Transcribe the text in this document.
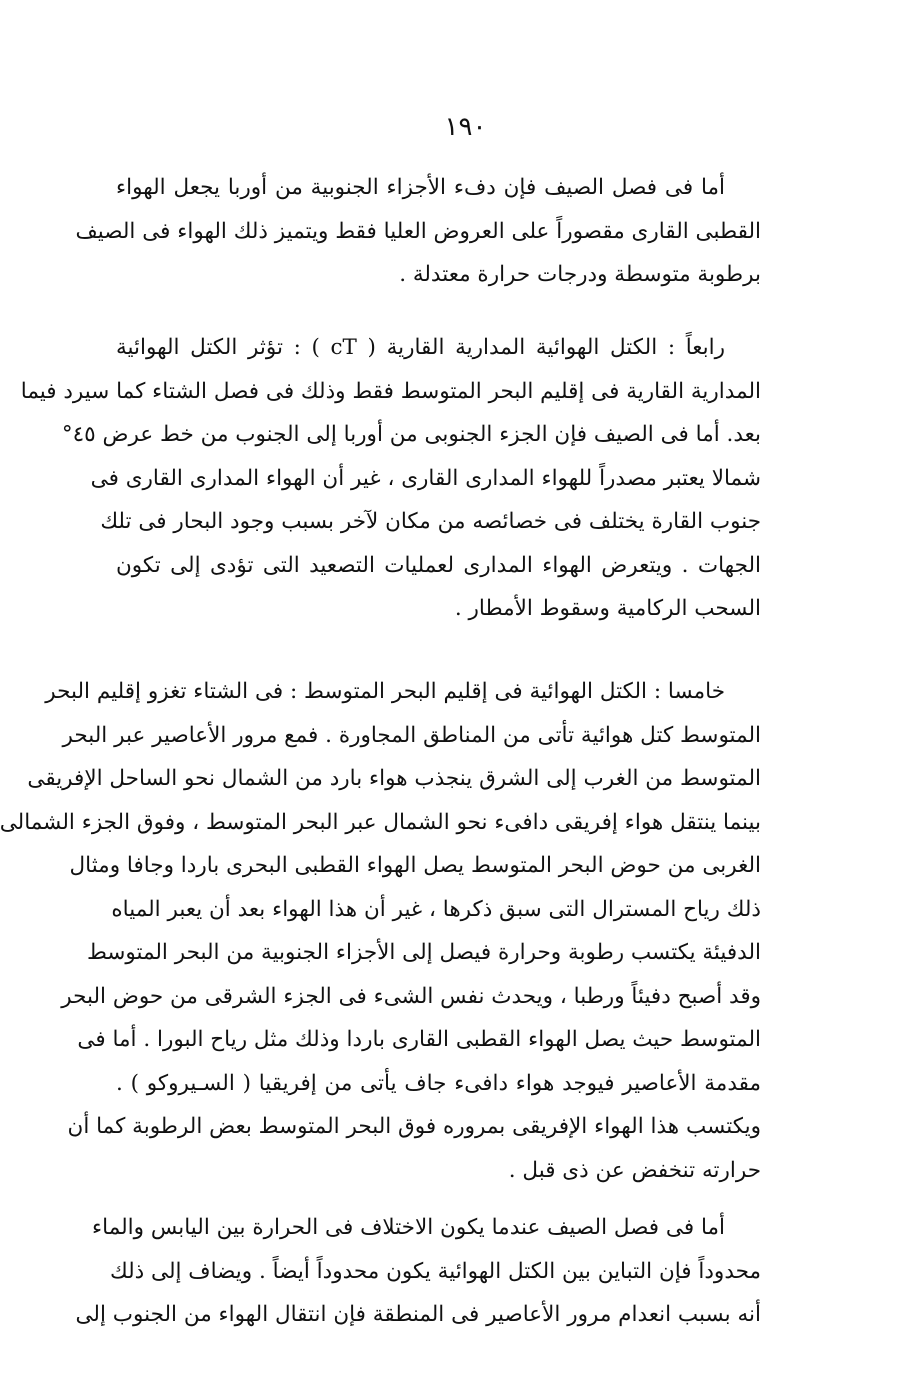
١٩٠
أما فى فصل الصيف فإن دفء الأجزاء الجنوبية من أوربا يجعل الهواء
القطبى القارى مقصوراً على العروض العليا فقط ويتميز ذلك الهواء فى الصيف
برطوبة متوسطة ودرجات حرارة معتدلة .
رابعاً : الكتل الهوائية المدارية القارية ( cT ) : تؤثر الكتل الهوائية
المدارية القارية فى إقليم البحر المتوسط فقط وذلك فى فصل الشتاء كما سيرد فيما
بعد. أما فى الصيف فإن الجزء الجنوبى من أوربا إلى الجنوب من خط عرض ٤٥°
شمالا يعتبر مصدراً للهواء المدارى القارى ، غير أن الهواء المدارى القارى فى
جنوب القارة يختلف فى خصائصه من مكان لآخر بسبب وجود البحار فى تلك
الجهات . ويتعرض الهواء المدارى لعمليات التصعيد التى تؤدى إلى تكون
السحب الركامية وسقوط الأمطار .
خامسا : الكتل الهوائية فى إقليم البحر المتوسط : فى الشتاء تغزو إقليم البحر
المتوسط كتل هوائية تأتى من المناطق المجاورة . فمع مرور الأعاصير عبر البحر
المتوسط من الغرب إلى الشرق ينجذب هواء بارد من الشمال نحو الساحل الإفريقى
بينما ينتقل هواء إفريقى دافىء نحو الشمال عبر البحر المتوسط ، وفوق الجزء الشمالى
الغربى من حوض البحر المتوسط يصل الهواء القطبى البحرى باردا وجافا ومثال
ذلك رياح المسترال التى سبق ذكرها ، غير أن هذا الهواء بعد أن يعبر المياه
الدفيئة يكتسب رطوبة وحرارة فيصل إلى الأجزاء الجنوبية من البحر المتوسط
وقد أصبح دفيئاً ورطبا ، ويحدث نفس الشىء فى الجزء الشرقى من حوض البحر
المتوسط حيث يصل الهواء القطبى القارى باردا وذلك مثل رياح البورا . أما فى
مقدمة الأعاصير فيوجد هواء دافىء جاف يأتى من إفريقيا ( السـيروكو ) .
ويكتسب هذا الهواء الإفريقى بمروره فوق البحر المتوسط بعض الرطوبة كما أن
حرارته تنخفض عن ذى قبل .
أما فى فصل الصيف عندما يكون الاختلاف فى الحرارة بين اليابس والماء
محدوداً فإن التباين بين الكتل الهوائية يكون محدوداً أيضاً . ويضاف إلى ذلك
أنه بسبب انعدام مرور الأعاصير فى المنطقة فإن انتقال الهواء من الجنوب إلى
